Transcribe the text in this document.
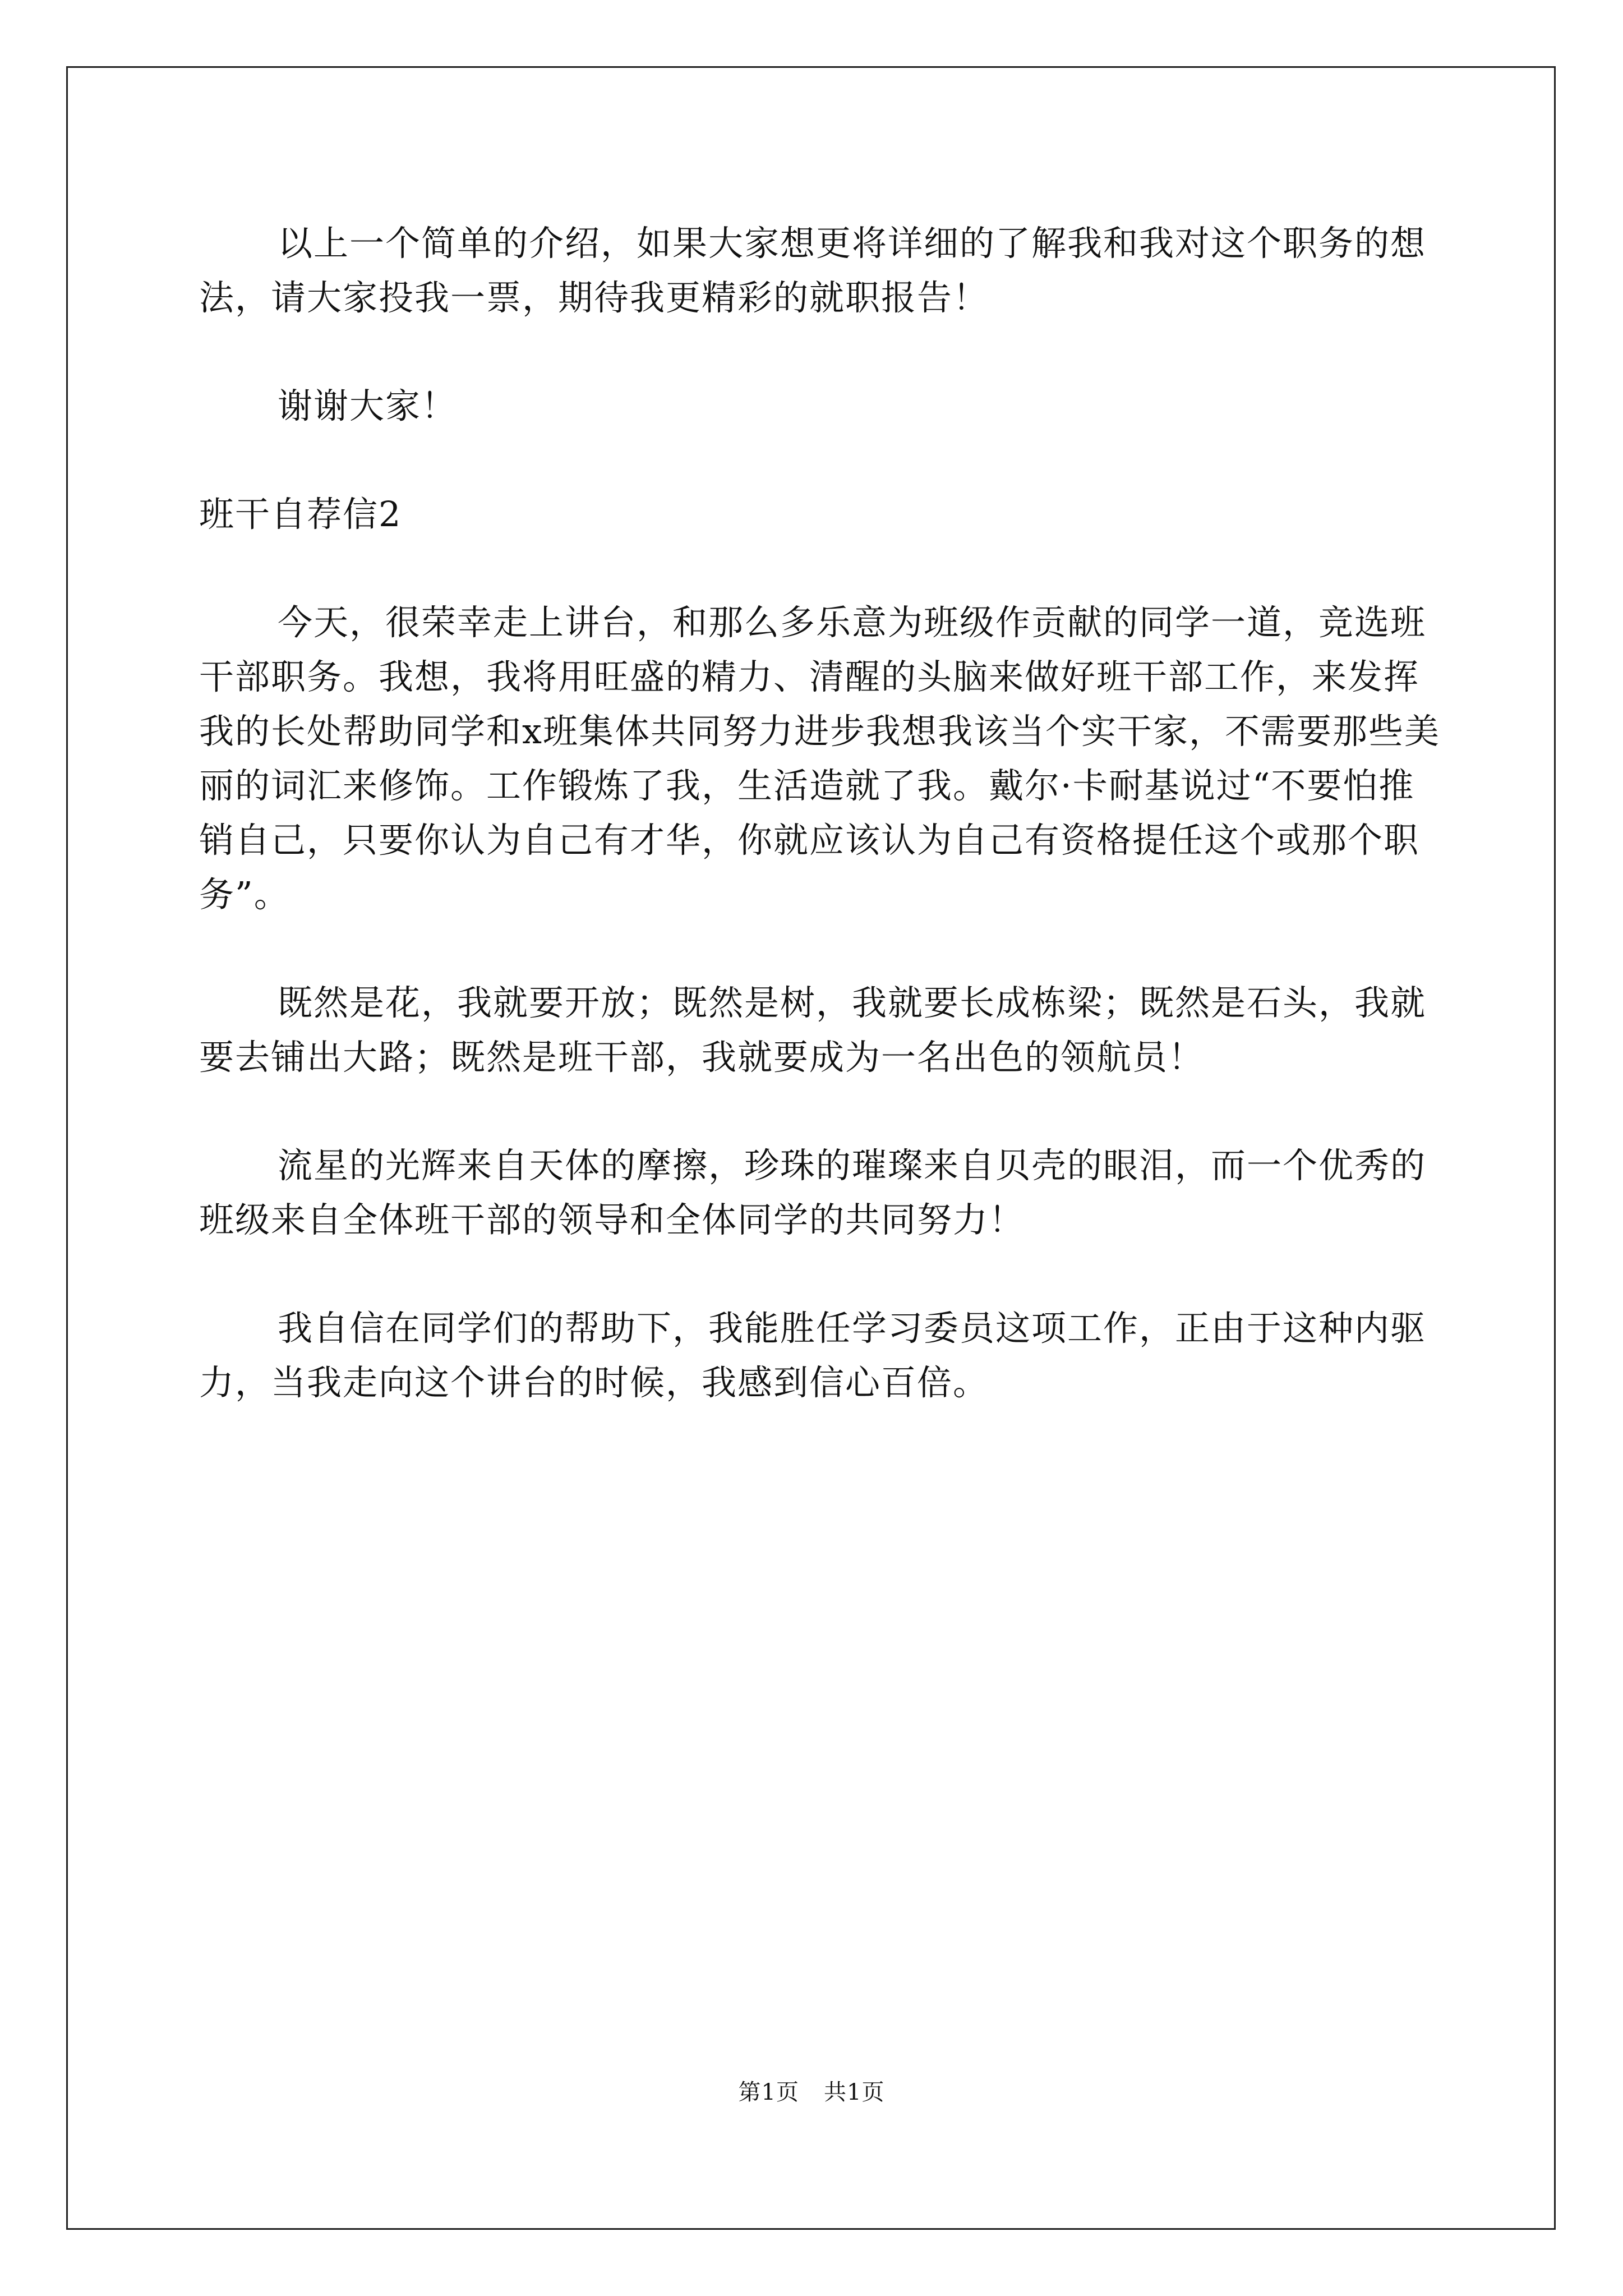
以上一个简单的介绍，如果大家想更将详细的了解我和我对这个职务的想法，请大家投我一票，期待我更精彩的就职报告！

谢谢大家！

班干自荐信2

今天，很荣幸走上讲台，和那么多乐意为班级作贡献的同学一道，竞选班干部职务。我想，我将用旺盛的精力、清醒的头脑来做好班干部工作，来发挥我的长处帮助同学和x班集体共同努力进步我想我该当个实干家，不需要那些美丽的词汇来修饰。工作锻炼了我，生活造就了我。戴尔·卡耐基说过“不要怕推销自己，只要你认为自己有才华，你就应该认为自己有资格提任这个或那个职务”。

既然是花，我就要开放；既然是树，我就要长成栋梁；既然是石头，我就要去铺出大路；既然是班干部，我就要成为一名出色的领航员！

流星的光辉来自天体的摩擦，珍珠的璀璨来自贝壳的眼泪，而一个优秀的班级来自全体班干部的领导和全体同学的共同努力！

我自信在同学们的帮助下，我能胜任学习委员这项工作，正由于这种内驱力，当我走向这个讲台的时候，我感到信心百倍。

第1页 共1页
